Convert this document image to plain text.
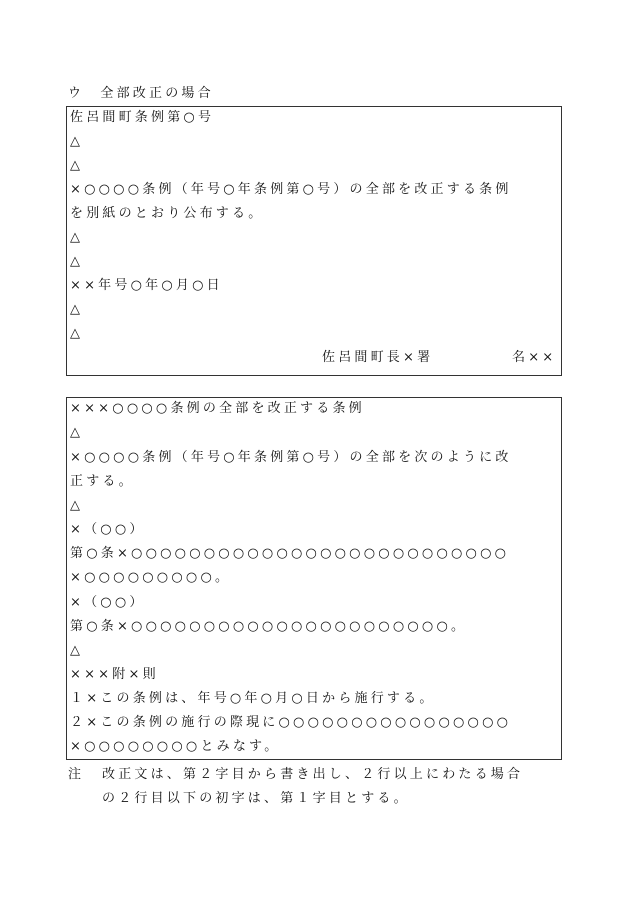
ウ　全部改正の場合
佐呂間町条例第○号
△
△
×○○○○条例（年号○年条例第○号）の全部を改正する条例
を別紙のとおり公布する。
△
△
××年号○年○月○日
△
△
佐呂間町長×署	名××
×××○○○○条例の全部を改正する条例
△
×○○○○条例（年号○年条例第○号）の全部を次のように改
正する。
△
×（○○）
第○条×○○○○○○○○○○○○○○○○○○○○○○○○○○
×○○○○○○○○○。
×（○○）
第○条×○○○○○○○○○○○○○○○○○○○○○○。
△
×××附×則
１×この条例は、年号○年○月○日から施行する。
２×この条例の施行の際現に○○○○○○○○○○○○○○○○
×○○○○○○○○とみなす。
注 改正文は、第２字目から書き出し、２行以上にわたる場合
の２行目以下の初字は、第１字目とする。
